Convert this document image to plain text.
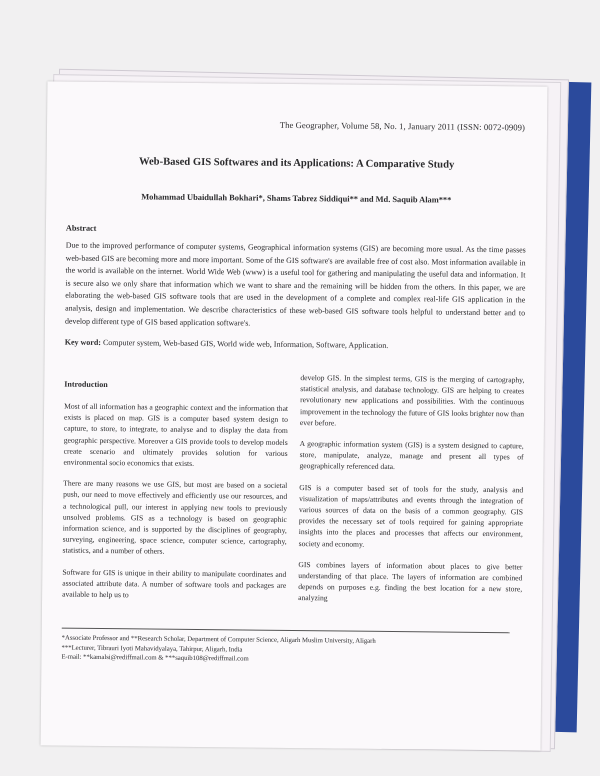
The Geographer, Volume 58, No. 1, January 2011 (ISSN: 0072-0909)
Web-Based GIS Softwares and its Applications: A Comparative Study
Mohammad Ubaidullah Bokhari*, Shams Tabrez Siddiqui** and Md. Saquib Alam***
Abstract
Due to the improved performance of computer systems, Geographical information systems (GIS) are becoming more usual. As the time passes web-based GIS are becoming more and more important. Some of the GIS software's are available free of cost also. Most information available in the world is available on the internet. World Wide Web (www) is a useful tool for gathering and manipulating the useful data and information. It is secure also we only share that information which we want to share and the remaining will be hidden from the others. In this paper, we are elaborating the web-based GIS software tools that are used in the development of a complete and complex real-life GIS application in the analysis, design and implementation. We describe characteristics of these web-based GIS software tools helpful to understand better and to develop different type of GIS based application software's.
Key word: Computer system, Web-based GIS, World wide web, Information, Software, Application.
Introduction

Most of all information has a geographic context and the information that exists is placed on map. GIS is a computer based system design to capture, to store, to integrate, to analyse and to display the data from geographic perspective. Moreover a GIS provide tools to develop models create scenario and ultimately provides solution for various environmental socio economics that exists.

There are many reasons we use GIS, but most are based on a societal push, our need to move effectively and efficiently use our resources, and a technological pull, our interest in applying new tools to previously unsolved problems. GIS as a technology is based on geographic information science, and is supported by the disciplines of geography, surveying, engineering, space science, computer science, cartography, statistics, and a number of others.

Software for GIS is unique in their ability to manipulate coordinates and associated attribute data. A number of software tools and packages are available to help us to

develop GIS. In the simplest terms, GIS is the merging of cartography, statistical analysis, and database technology. GIS are helping to creates revolutionary new applications and possibilities. With the continuous improvement in the technology the future of GIS looks brighter now than ever before.

A geographic information system (GIS) is a system designed to capture, store, manipulate, analyze, manage and present all types of geographically referenced data.

GIS is a computer based set of tools for the study, analysis and visualization of maps/attributes and events through the integration of various sources of data on the basis of a common geography. GIS provides the necessary set of tools required for gaining appropriate insights into the places and processes that affects our environment, society and economy.

GIS combines layers of information about places to give better understanding of that place. The layers of information are combined depends on purposes e.g. finding the best location for a new store, analyzing

*Associate Professor and **Research Scholar, Department of Computer Science, Aligarh Muslim University, Aligarh
***Lecturer, Tibrauri Iyoti Mahavidyalaya, Tahirpur, Aligarh, India
E-mail: **kamalsi@rediffmail.com & ***saquib108@rediffmail.com
